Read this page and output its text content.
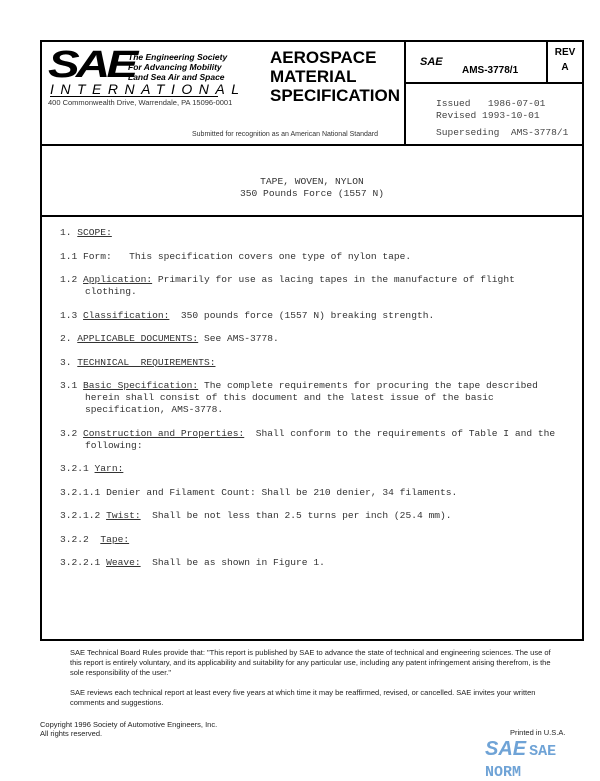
SAE
The Engineering Society
For Advancing Mobility
Land Sea Air and Space
INTERNATIONAL
400 Commonwealth Drive, Warrendale, PA 15096-0001
AEROSPACE
MATERIAL
SPECIFICATION
Submitted for recognition as an American National Standard
SAE
AMS-3778/1
REV
A
Issued   1986-07-01
Revised 1993-10-01
Superseding  AMS-3778/1
TAPE, WOVEN, NYLON
350 Pounds Force (1557 N)
1. SCOPE:
1.1 Form:   This specification covers one type of nylon tape.
1.2 Application: Primarily for use as lacing tapes in the manufacture of flight clothing.
1.3 Classification:  350 pounds force (1557 N) breaking strength.
2. APPLICABLE DOCUMENTS: See AMS-3778.
3. TECHNICAL  REQUIREMENTS:
3.1 Basic Specification: The complete requirements for procuring the tape described herein shall consist of this document and the latest issue of the basic specification, AMS-3778.
3.2 Construction and Properties:  Shall conform to the requirements of Table I and the following:
3.2.1 Yarn:
3.2.1.1 Denier and Filament Count: Shall be 210 denier, 34 filaments.
3.2.1.2 Twist:  Shall be not less than 2.5 turns per inch (25.4 mm).
3.2.2  Tape:
3.2.2.1 Weave:  Shall be as shown in Figure 1.

SAE Technical Board Rules provide that: "This report is published by SAE to advance the state of technical and engineering sciences. The use of this report is entirely voluntary, and its applicability and suitability for any particular use, including any patent infringement arising therefrom, is the sole responsibility of the user."

SAE reviews each technical report at least every five years at which time it may be reaffirmed, revised, or cancelled. SAE invites your written comments and suggestions.

Copyright 1996 Society of Automotive Engineers, Inc.
All rights reserved.	Printed in U.S.A.
SAE SAE NORM
